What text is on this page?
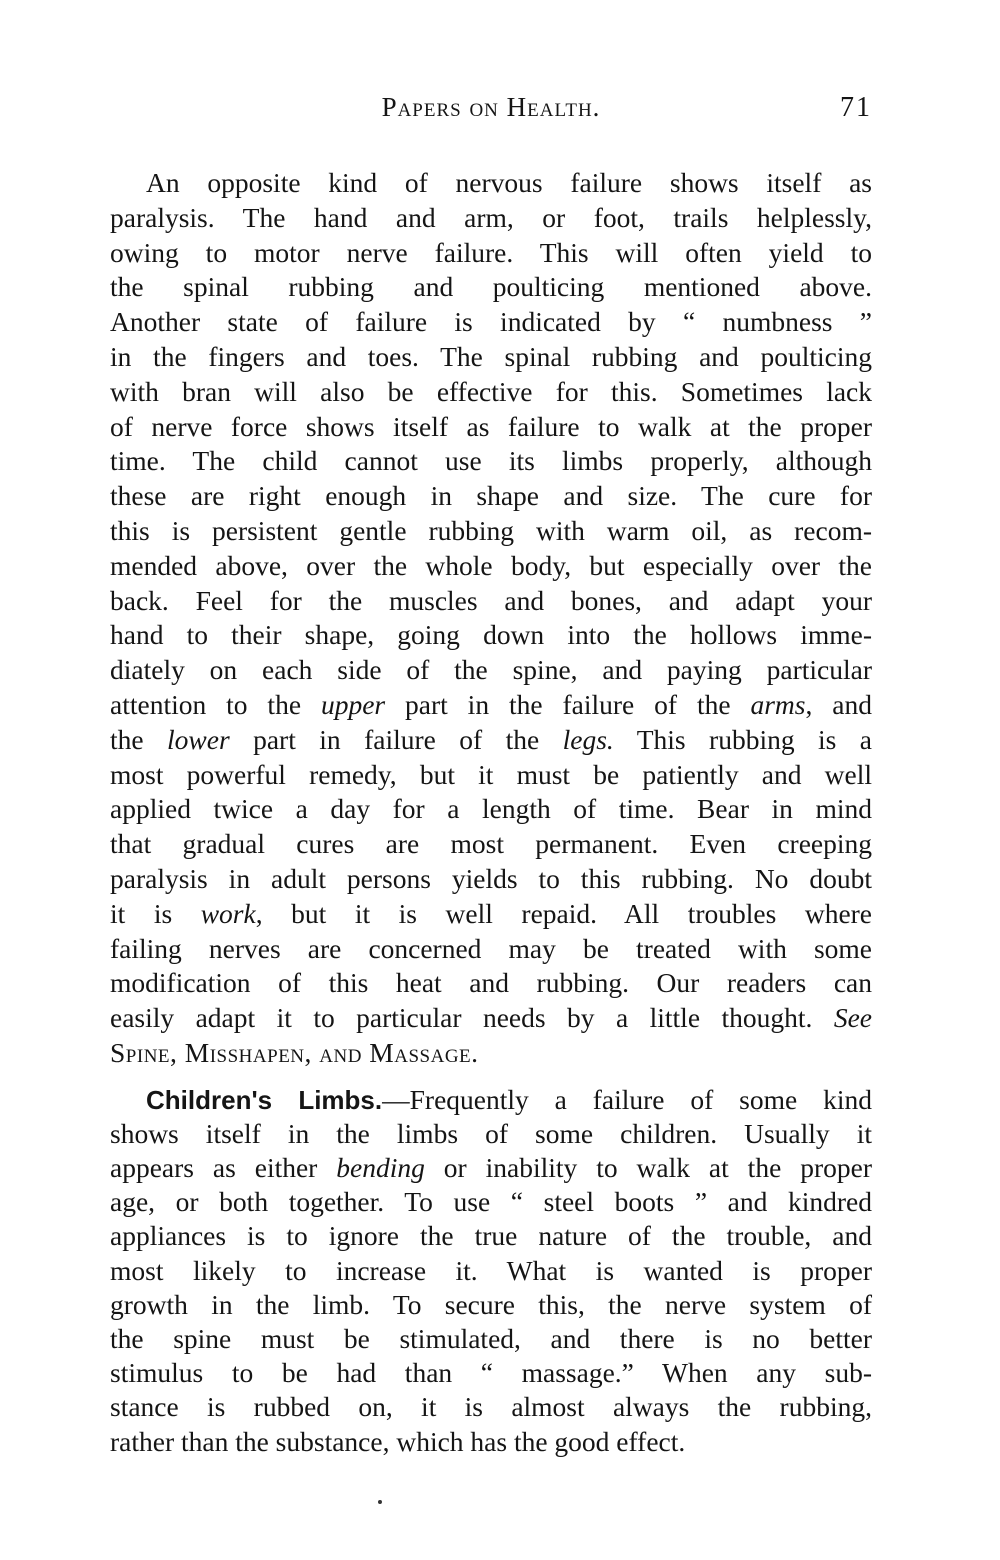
Papers on Health.	71
An opposite kind of nervous failure shows itself as
paralysis. The hand and arm, or foot, trails helplessly,
owing to motor nerve failure. This will often yield to
the spinal rubbing and poulticing mentioned above.
Another state of failure is indicated by “ numbness ”
in the fingers and toes. The spinal rubbing and poulticing
with bran will also be effective for this. Sometimes lack
of nerve force shows itself as failure to walk at the proper
time. The child cannot use its limbs properly, although
these are right enough in shape and size. The cure for
this is persistent gentle rubbing with warm oil, as recom-
mended above, over the whole body, but especially over the
back. Feel for the muscles and bones, and adapt your
hand to their shape, going down into the hollows imme-
diately on each side of the spine, and paying particular
attention to the upper part in the failure of the arms, and
the lower part in failure of the legs. This rubbing is a
most powerful remedy, but it must be patiently and well
applied twice a day for a length of time. Bear in mind
that gradual cures are most permanent. Even creeping
paralysis in adult persons yields to this rubbing. No doubt
it is work, but it is well repaid. All troubles where
failing nerves are concerned may be treated with some
modification of this heat and rubbing. Our readers can
easily adapt it to particular needs by a little thought. See
Spine, Misshapen, and Massage.
Children's Limbs.—Frequently a failure of some kind
shows itself in the limbs of some children. Usually it
appears as either bending or inability to walk at the proper
age, or both together. To use “ steel boots ” and kindred
appliances is to ignore the true nature of the trouble, and
most likely to increase it. What is wanted is proper
growth in the limb. To secure this, the nerve system of
the spine must be stimulated, and there is no better
stimulus to be had than “ massage.” When any sub-
stance is rubbed on, it is almost always the rubbing,
rather than the substance, which has the good effect.
